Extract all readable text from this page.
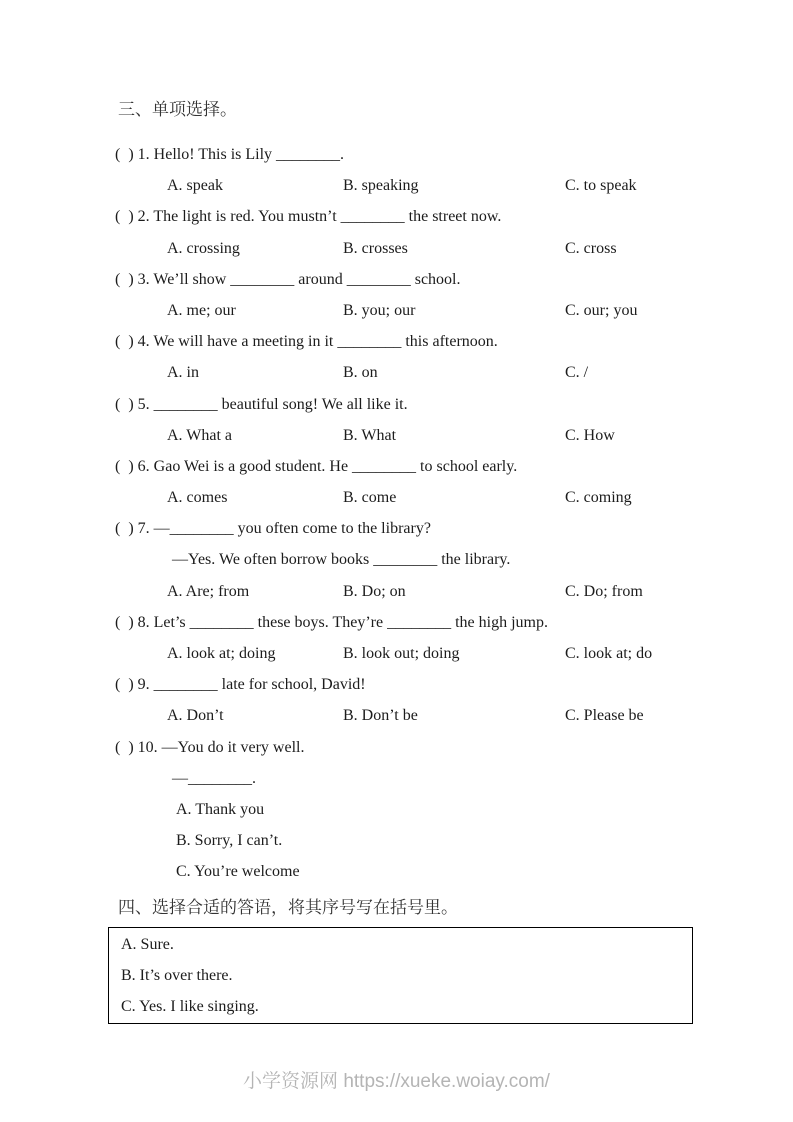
三、单项选择。
(  ) 1. Hello! This is Lily ________.
A. speak	B. speaking	C. to speak
(  ) 2. The light is red. You mustn’t ________ the street now.
A. crossing	B. crosses	C. cross
(  ) 3. We’ll show ________ around ________ school.
A. me; our	B. you; our	C. our; you
(  ) 4. We will have a meeting in it ________ this afternoon.
A. in	B. on	C. /
(  ) 5. ________ beautiful song! We all like it.
A. What a	B. What	C. How
(  ) 6. Gao Wei is a good student. He ________ to school early.
A. comes	B. come	C. coming
(  ) 7. —________ you often come to the library?
—Yes. We often borrow books ________ the library.
A. Are; from	B. Do; on	C. Do; from
(  ) 8. Let’s ________ these boys. They’re ________ the high jump.
A. look at; doing	B. look out; doing	C. look at; do
(  ) 9. ________ late for school, David!
A. Don’t	B. Don’t be	C. Please be
(  ) 10. —You do it very well.
—________.
A. Thank you
B. Sorry, I can’t.
C. You’re welcome
四、选择合适的答语，将其序号写在括号里。
A. Sure.
B. It’s over there.
C. Yes. I like singing.
小学资源网 https://xueke.woiay.com/
